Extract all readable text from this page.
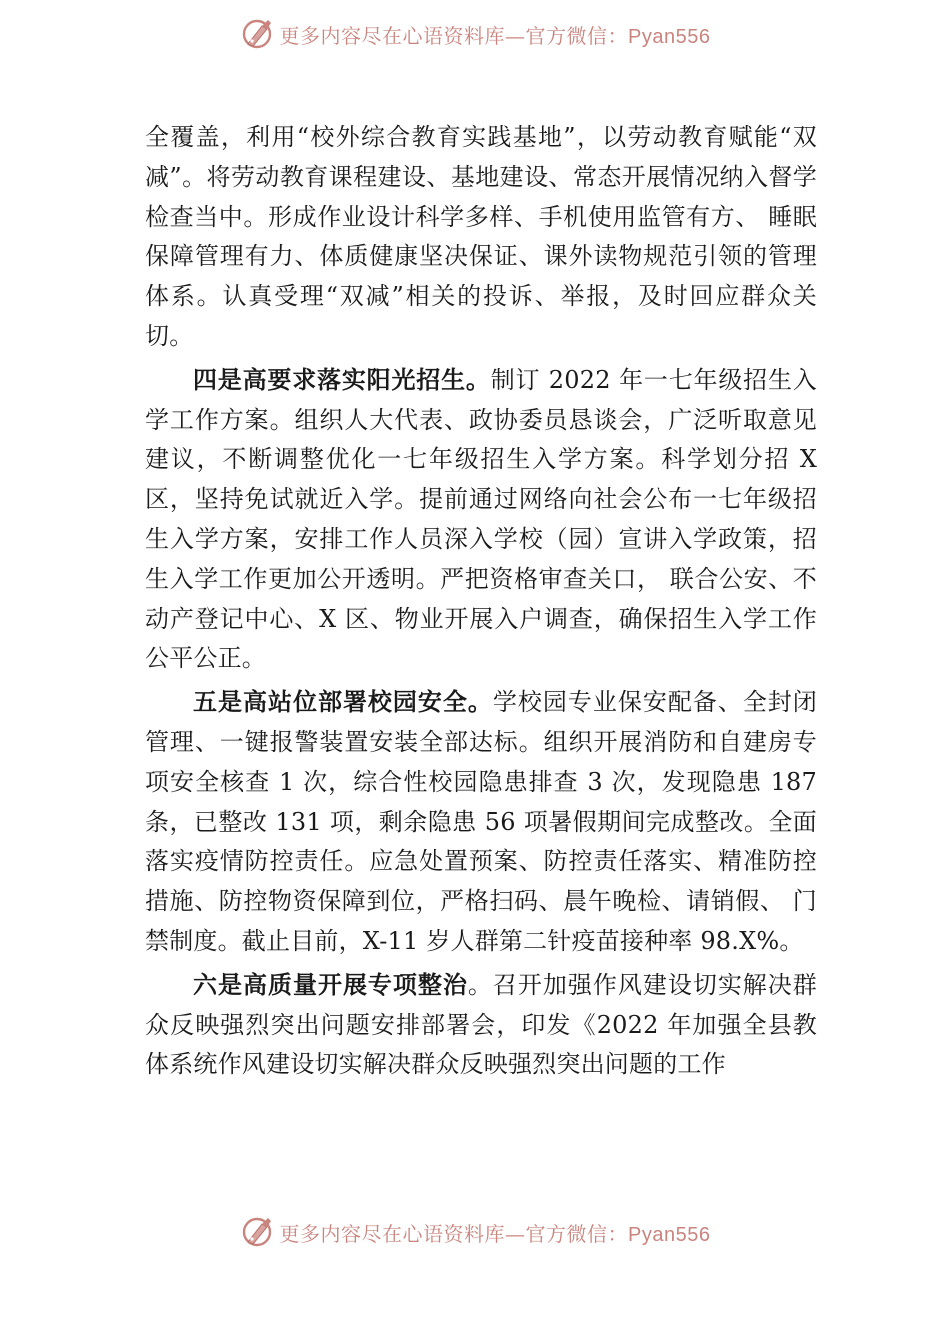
更多内容尽在心语资料库—官方微信：Pyan556

全覆盖，利用“校外综合教育实践基地”，以劳动教育赋能“双减”。将劳动教育课程建设、基地建设、常态开展情况纳入督学检查当中。形成作业设计科学多样、手机使用监管有方、 睡眠保障管理有力、体质健康坚决保证、课外读物规范引领的管理体系。认真受理“双减”相关的投诉、举报，及时回应群众关切。

四是高要求落实阳光招生。制订 2022 年一七年级招生入学工作方案。组织人大代表、政协委员恳谈会，广泛听取意见建议，不断调整优化一七年级招生入学方案。科学划分招 X 区，坚持免试就近入学。提前通过网络向社会公布一七年级招生入学方案，安排工作人员深入学校（园）宣讲入学政策，招生入学工作更加公开透明。严把资格审查关口， 联合公安、不动产登记中心、X 区、物业开展入户调查，确保招生入学工作公平公正。

五是高站位部署校园安全。学校园专业保安配备、全封闭管理、一键报警装置安装全部达标。组织开展消防和自建房专项安全核查 1 次，综合性校园隐患排查 3 次，发现隐患 187 条，已整改 131 项，剩余隐患 56 项暑假期间完成整改。全面落实疫情防控责任。应急处置预案、防控责任落实、精准防控措施、防控物资保障到位，严格扫码、晨午晚检、请销假、 门禁制度。截止目前，X-11 岁人群第二针疫苗接种率 98.X%。

六是高质量开展专项整治。召开加强作风建设切实解决群众反映强烈突出问题安排部署会，印发《2022 年加强全县教体系统作风建设切实解决群众反映强烈突出问题的工作

更多内容尽在心语资料库—官方微信：Pyan556
